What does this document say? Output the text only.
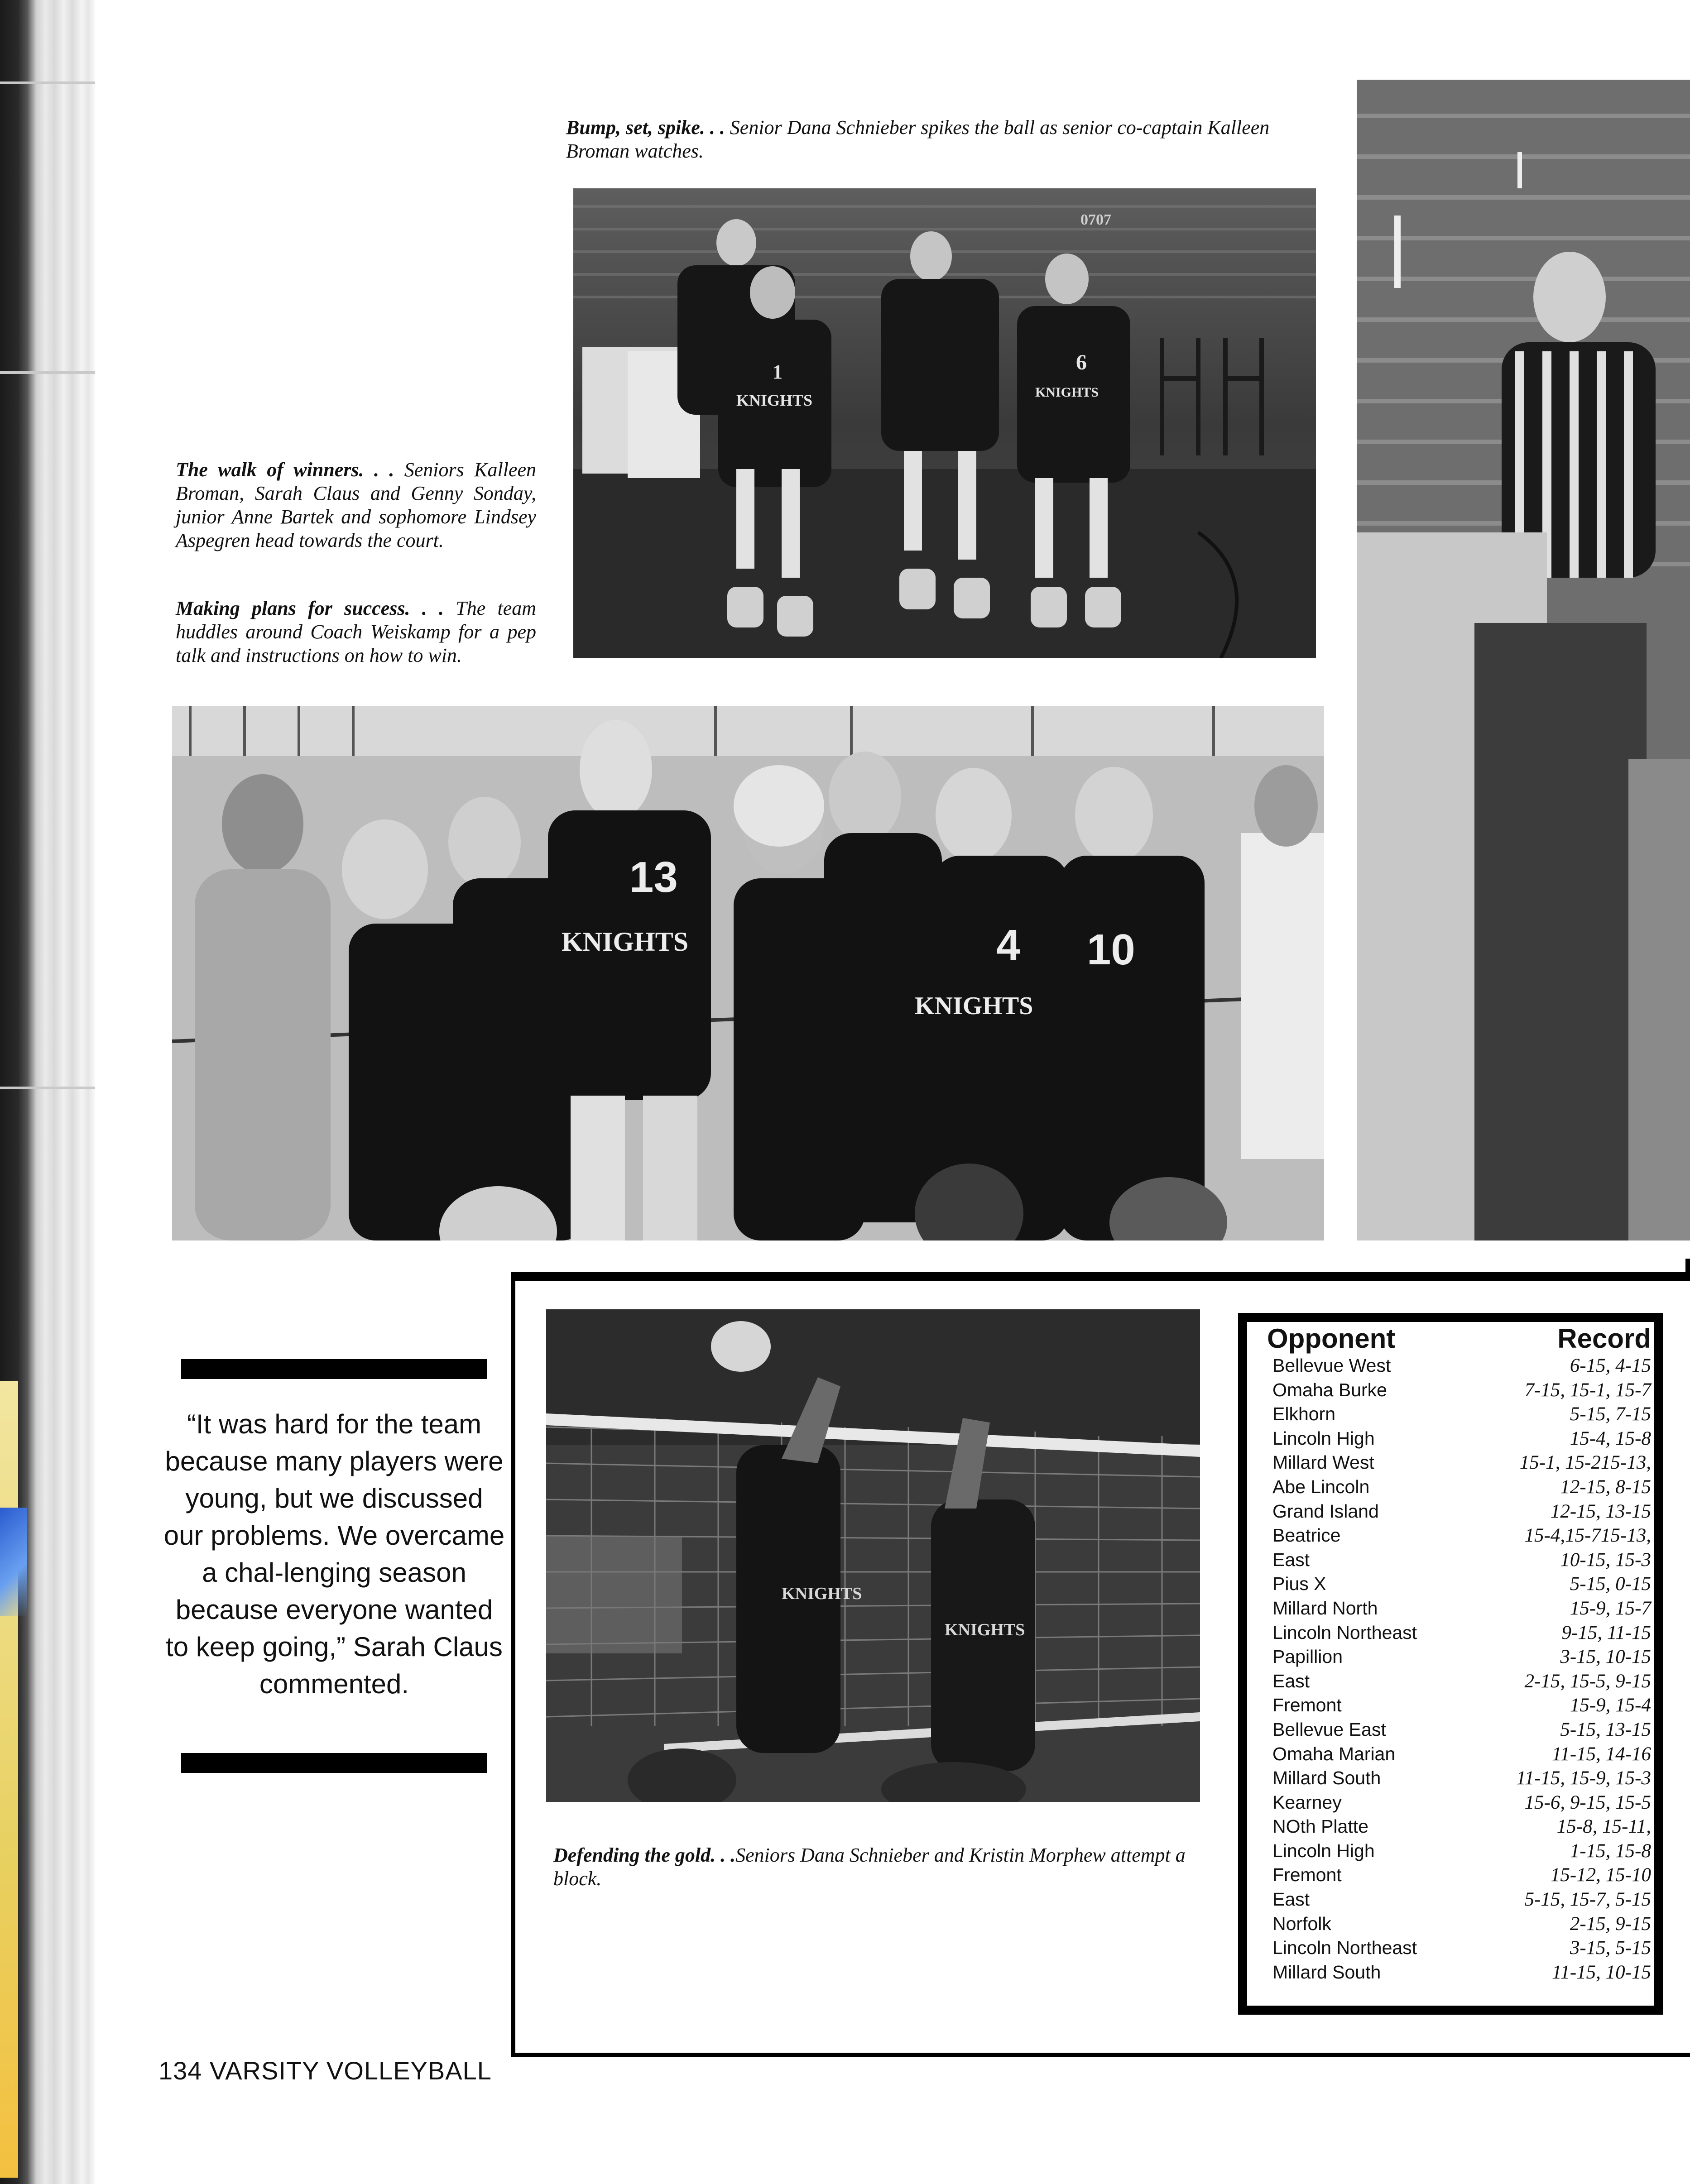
Bump, set, spike. . . Senior Dana Schnieber spikes the ball as senior co-captain Kalleen Broman watches.
1	6
KNIGHTS	KNIGHTS
0707
The walk of winners. . . Seniors Kalleen Broman, Sarah Claus and Genny Sonday, junior Anne Bartek and sophomore Lindsey Aspegren head towards the court.
Making plans for success. . . The team huddles around Coach Weiskamp for a pep talk and instructions on how to win.
13
4 10
KNIGHTS
KNIGHTS
“It was hard for the team because many players were young, but we discussed our problems. We overcame a chal-lenging season because everyone wanted to keep going,” Sarah Claus commented.
KNIGHTS
KNIGHTS
Defending the gold. . .Seniors Dana Schnieber and Kristin Morphew attempt a block.
Opponent	Record
Bellevue West	6-15, 4-15
Omaha Burke	7-15, 15-1, 15-7
Elkhorn	5-15, 7-15
Lincoln High	15-4, 15-8
Millard West	15-1, 15-215-13,
Abe Lincoln	12-15, 8-15
Grand Island	12-15, 13-15
Beatrice	15-4,15-715-13,
East	10-15, 15-3
Pius X	5-15, 0-15
Millard North	15-9, 15-7
Lincoln Northeast	9-15, 11-15
Papillion	3-15, 10-15
East	2-15, 15-5, 9-15
Fremont	15-9, 15-4
Bellevue East	5-15, 13-15
Omaha Marian	11-15, 14-16
Millard South	11-15, 15-9, 15-3
Kearney	15-6, 9-15, 15-5
NOth Platte	15-8, 15-11,
Lincoln High	1-15, 15-8
Fremont	15-12, 15-10
East	5-15, 15-7, 5-15
Norfolk	2-15, 9-15
Lincoln Northeast	3-15, 5-15
Millard South	11-15, 10-15
134 VARSITY VOLLEYBALL
